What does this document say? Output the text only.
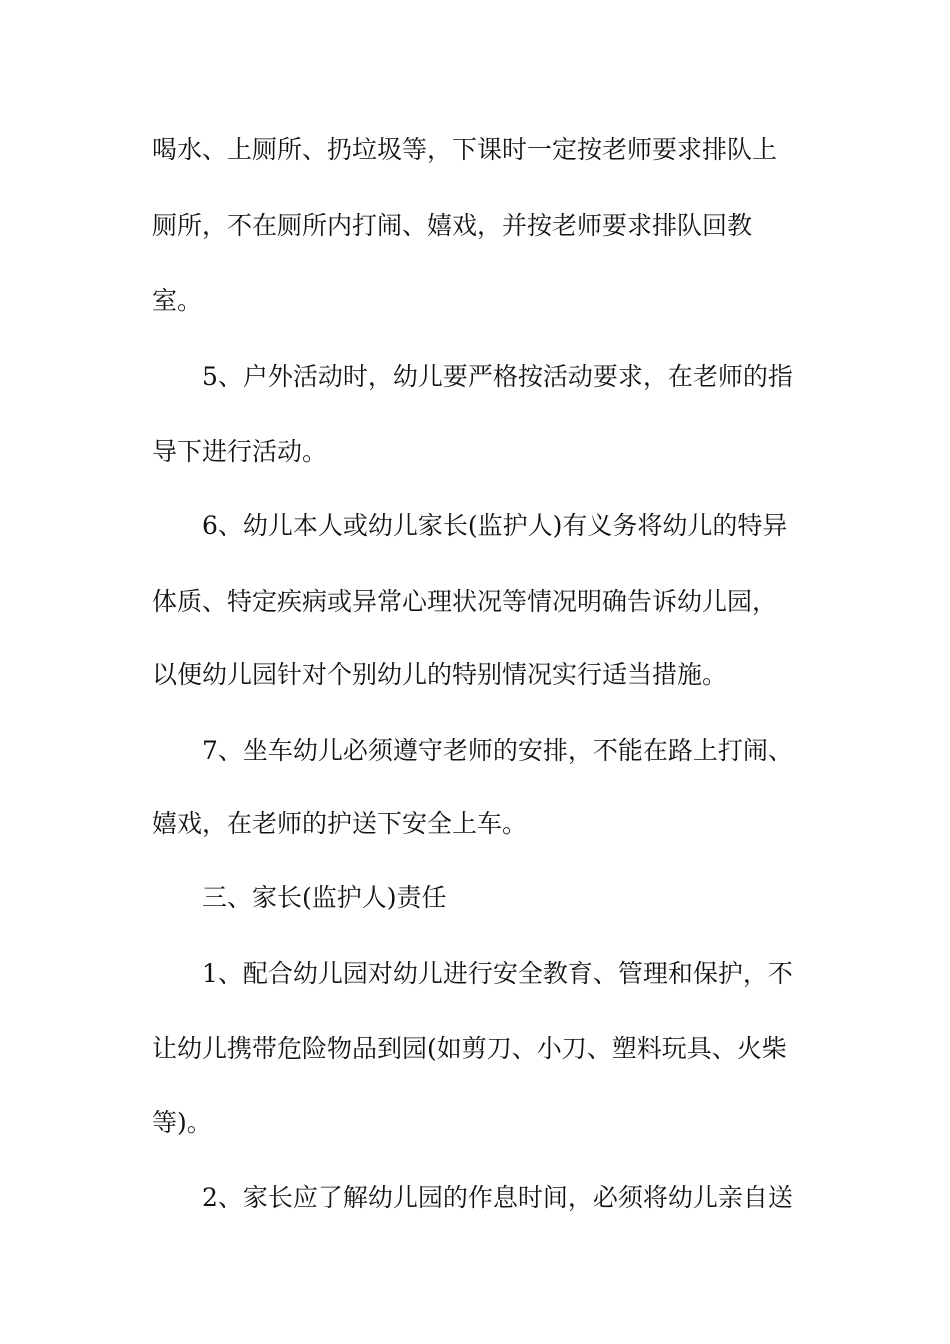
喝水、上厕所、扔垃圾等，下课时一定按老师要求排队上
厕所，不在厕所内打闹、嬉戏，并按老师要求排队回教
室。
5、户外活动时，幼儿要严格按活动要求，在老师的指
导下进行活动。
6、幼儿本人或幼儿家长(监护人)有义务将幼儿的特异
体质、特定疾病或异常心理状况等情况明确告诉幼儿园，
以便幼儿园针对个别幼儿的特别情况实行适当措施。
7、坐车幼儿必须遵守老师的安排，不能在路上打闹、
嬉戏，在老师的护送下安全上车。
三、家长(监护人)责任
1、配合幼儿园对幼儿进行安全教育、管理和保护，不
让幼儿携带危险物品到园(如剪刀、小刀、塑料玩具、火柴
等)。
2、家长应了解幼儿园的作息时间，必须将幼儿亲自送
